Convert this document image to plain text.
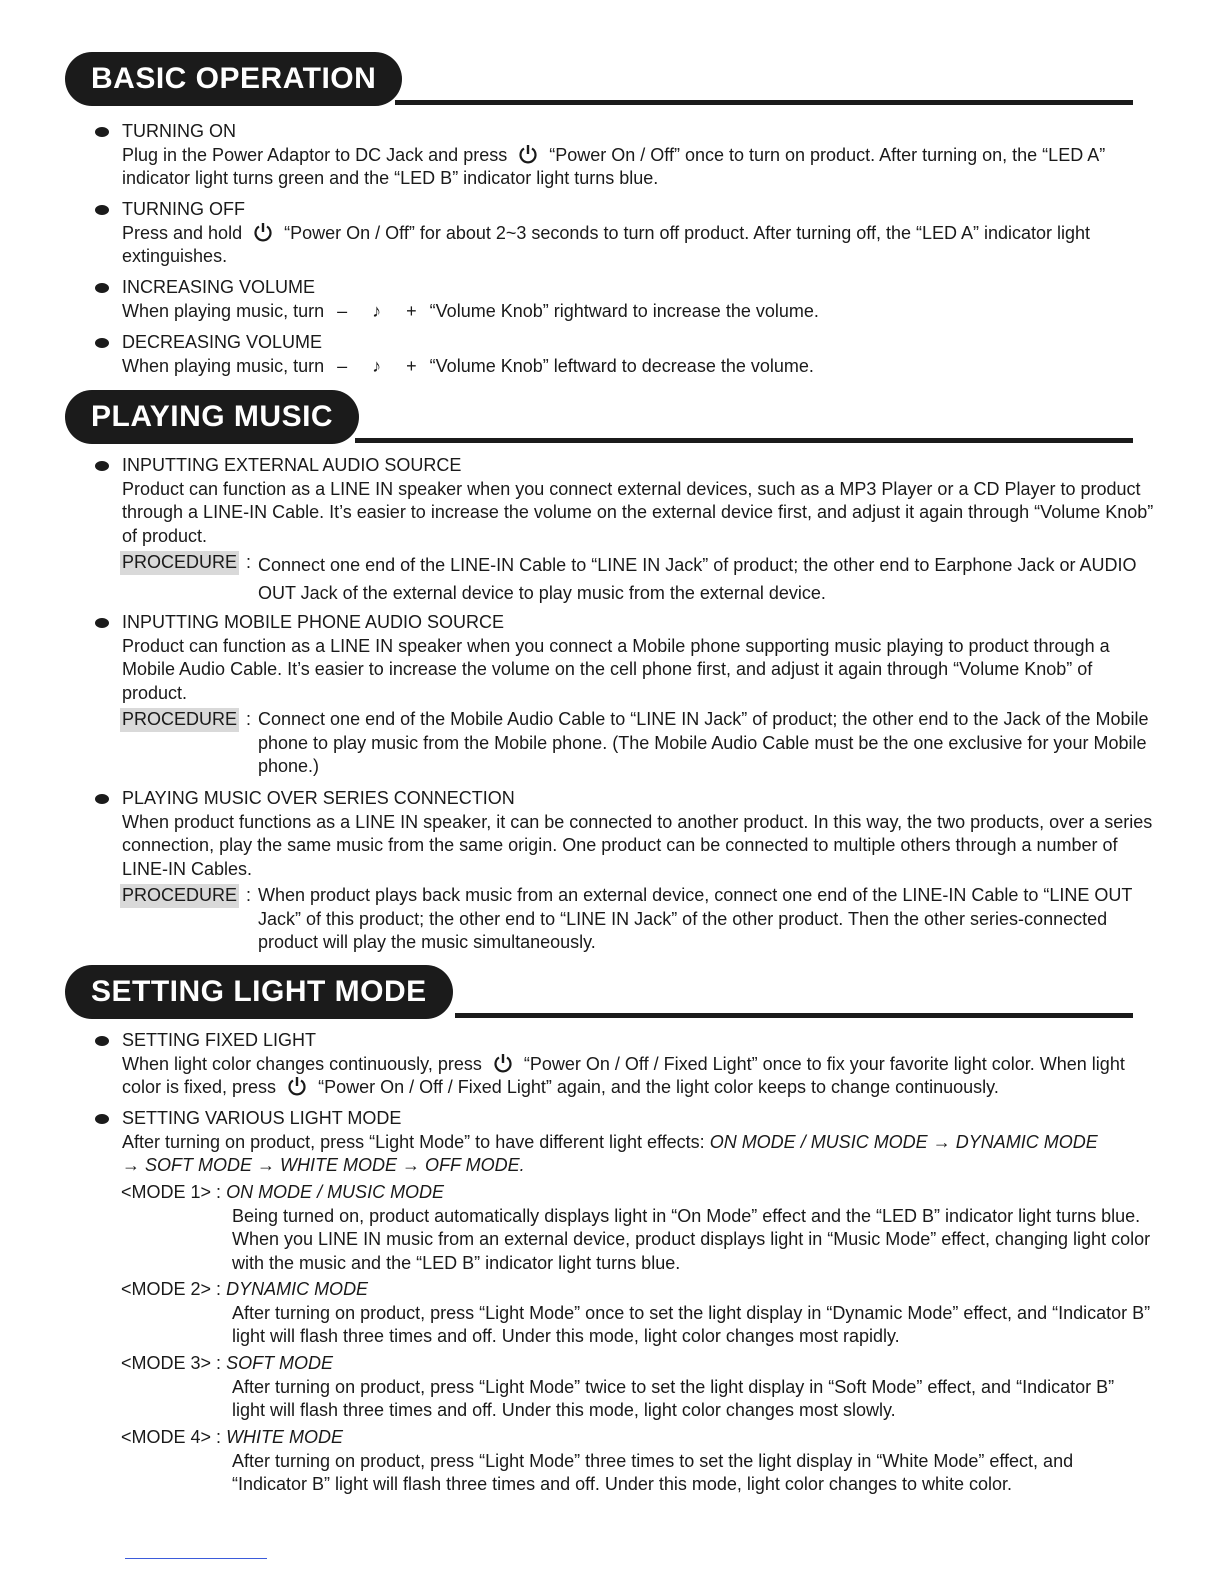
BASIC OPERATION
TURNING ON
Plug in the Power Adaptor to DC Jack and press “Power On / Off” once to turn on product. After turning on, the “LED A” indicator light turns green and the “LED B” indicator light turns blue.
TURNING OFF
Press and hold “Power On / Off” for about 2~3 seconds to turn off product. After turning off, the “LED A” indicator light extinguishes.
INCREASING VOLUME
When playing music, turn –     ♪     + “Volume Knob” rightward to increase the volume.
DECREASING VOLUME
When playing music, turn –     ♪     + “Volume Knob” leftward to decrease the volume.
PLAYING MUSIC
INPUTTING EXTERNAL AUDIO SOURCE
Product can function as a LINE IN speaker when you connect external devices, such as a MP3 Player or a CD Player to product through a LINE-IN Cable. It’s easier to increase the volume on the external device first, and adjust it again through “Volume Knob” of product.
PROCEDURE : Connect one end of the LINE-IN Cable to “LINE IN Jack” of product; the other end to Earphone Jack or AUDIO OUT Jack of the external device to play music from the external device.
INPUTTING MOBILE PHONE AUDIO SOURCE
Product can function as a LINE IN speaker when you connect a Mobile phone supporting music playing to product through a Mobile Audio Cable. It’s easier to increase the volume on the cell phone first, and adjust it again through “Volume Knob” of product.
PROCEDURE : Connect one end of the Mobile Audio Cable to “LINE IN Jack” of product; the other end to the Jack of the Mobile phone to play music from the Mobile phone. (The Mobile Audio Cable must be the one exclusive for your Mobile phone.)
PLAYING MUSIC OVER SERIES CONNECTION
When product functions as a LINE IN speaker, it can be connected to another product. In this way, the two products, over a series connection, play the same music from the same origin. One product can be connected to multiple others through a number of LINE-IN Cables.
PROCEDURE : When product plays back music from an external device, connect one end of the LINE-IN Cable to “LINE OUT Jack” of this product; the other end to “LINE IN Jack” of the other product. Then the other series-connected product will play the music simultaneously.
SETTING LIGHT MODE
SETTING FIXED LIGHT
When light color changes continuously, press “Power On / Off / Fixed Light” once to fix your favorite light color. When light color is fixed, press “Power On / Off / Fixed Light” again, and the light color keeps to change continuously.
SETTING VARIOUS LIGHT MODE
After turning on product, press “Light Mode” to have different light effects: ON MODE / MUSIC MODE → DYNAMIC MODE → SOFT MODE → WHITE MODE → OFF MODE.
<MODE 1> : ON MODE / MUSIC MODE
Being turned on, product automatically displays light in “On Mode” effect and the “LED B” indicator light turns blue. When you LINE IN music from an external device, product displays light in “Music Mode” effect, changing light color with the music and the “LED B” indicator light turns blue.
<MODE 2> : DYNAMIC MODE
After turning on product, press “Light Mode” once to set the light display in “Dynamic Mode” effect, and “Indicator B” light will flash three times and off. Under this mode, light color changes most rapidly.
<MODE 3> : SOFT MODE
After turning on product, press “Light Mode” twice to set the light display in “Soft Mode” effect, and “Indicator B” light will flash three times and off. Under this mode, light color changes most slowly.
<MODE 4> : WHITE MODE
After turning on product, press “Light Mode” three times to set the light display in “White Mode” effect, and “Indicator B” light will flash three times and off. Under this mode, light color changes to white color.
